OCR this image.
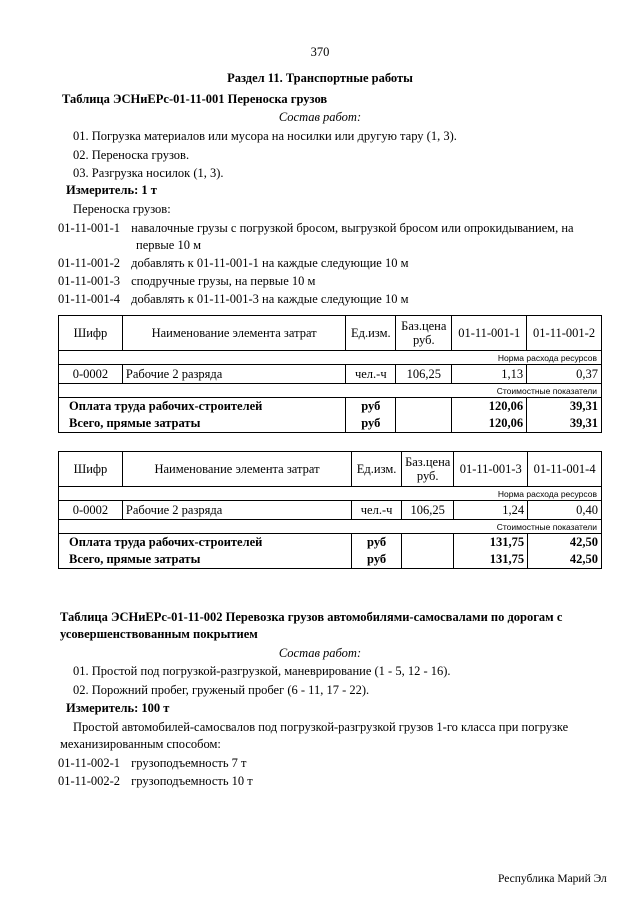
370
Раздел 11. Транспортные работы
Таблица ЭСНиЕРс-01-11-001 Переноска грузов
Состав работ:
01. Погрузка материалов или мусора на носилки или другую тару (1, 3).
02. Переноска грузов.
03. Разгрузка носилок (1, 3).
Измеритель: 1 т
Переноска грузов:
01-11-001-1 навалочные грузы с погрузкой бросом, выгрузкой бросом или опрокидыванием, на
первые 10 м
01-11-001-2 добавлять к 01-11-001-1 на каждые следующие 10 м
01-11-001-3 сподручные грузы, на первые 10 м
01-11-001-4 добавлять к 01-11-001-3 на каждые следующие 10 м
Шифр	Наименование элемента затрат	Ед.изм.	Баз.цена руб.	01-11-001-1	01-11-001-2
Норма расхода ресурсов					
0-0002	Рабочие 2 разряда	чел.-ч	106,25	1,13	0,37
Стоимостные показатели					
Оплата труда рабочих-строителей		руб		120,06	39,31
Всего, прямые затраты		руб		120,06	39,31
Шифр	Наименование элемента затрат	Ед.изм.	Баз.цена руб.	01-11-001-3	01-11-001-4
Норма расхода ресурсов					
0-0002	Рабочие 2 разряда	чел.-ч	106,25	1,24	0,40
Стоимостные показатели					
Оплата труда рабочих-строителей		руб		131,75	42,50
Всего, прямые затраты		руб		131,75	42,50
Таблица ЭСНиЕРс-01-11-002 Перевозка грузов автомобилями-самосвалами по дорогам с
усовершенствованным покрытием
Состав работ:
01. Простой под погрузкой-разгрузкой, маневрирование (1 - 5, 12 - 16).
02. Порожний пробег, груженый пробег (6 - 11, 17 - 22).
Измеритель: 100 т
Простой автомобилей-самосвалов под погрузкой-разгрузкой грузов 1-го класса при погрузке
механизированным способом:
01-11-002-1 грузоподъемность 7 т
01-11-002-2 грузоподъемность 10 т
Республика Марий Эл
